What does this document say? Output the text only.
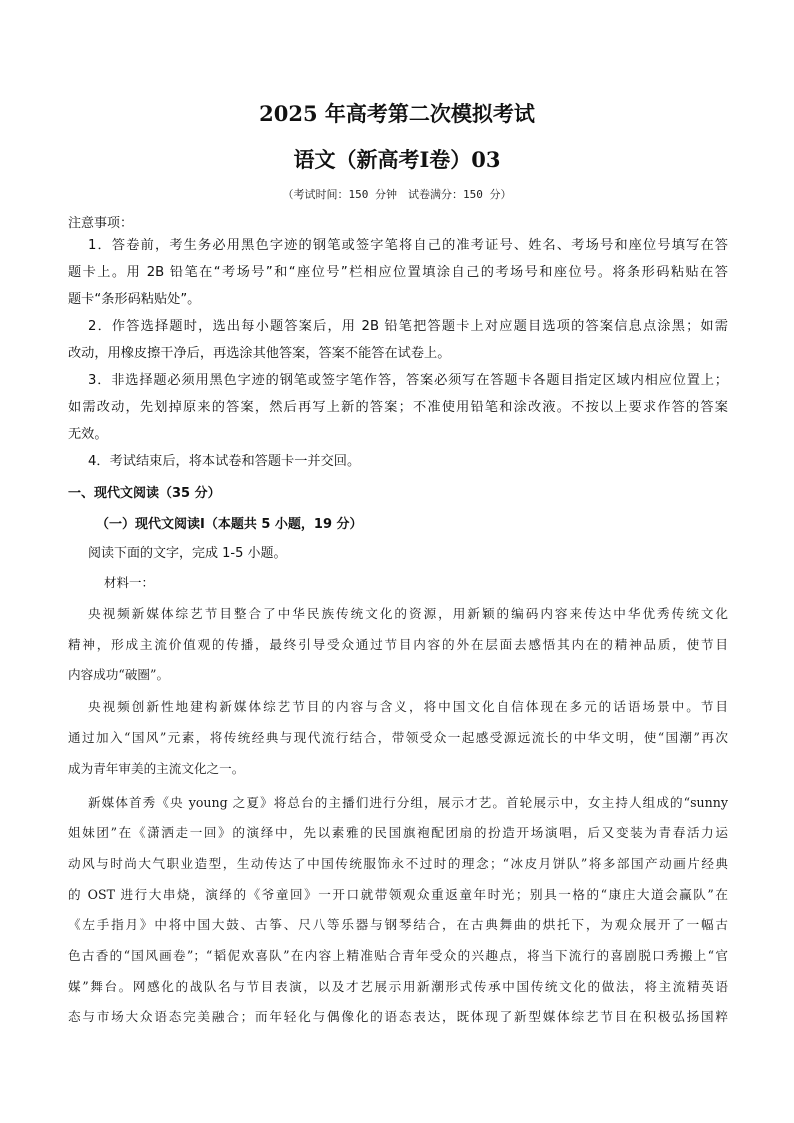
2025 年高考第二次模拟考试
语文（新高考Ⅰ卷）03
（考试时间：150 分钟　试卷满分：150 分）
注意事项：
1．答卷前，考生务必用黑色字迹的钢笔或签字笔将自己的准考证号、姓名、考场号和座位号填写在答
题卡上。用 2B 铅笔在“考场号”和“座位号”栏相应位置填涂自己的考场号和座位号。将条形码粘贴在答
题卡“条形码粘贴处”。
2．作答选择题时，选出每小题答案后，用 2B 铅笔把答题卡上对应题目选项的答案信息点涂黑；如需
改动，用橡皮擦干净后，再选涂其他答案，答案不能答在试卷上。
3．非选择题必须用黑色字迹的钢笔或签字笔作答，答案必须写在答题卡各题目指定区域内相应位置上；
如需改动，先划掉原来的答案，然后再写上新的答案；不准使用铅笔和涂改液。不按以上要求作答的答案
无效。
4．考试结束后，将本试卷和答题卡一并交回。
一、现代文阅读（35 分）
（一）现代文阅读Ⅰ（本题共 5 小题，19 分）
阅读下面的文字，完成 1-5 小题。
材料一：
央视频新媒体综艺节目整合了中华民族传统文化的资源，用新颖的编码内容来传达中华优秀传统文化
精神，形成主流价值观的传播，最终引导受众通过节目内容的外在层面去感悟其内在的精神品质，使节目
内容成功“破圈”。
央视频创新性地建构新媒体综艺节目的内容与含义，将中国文化自信体现在多元的话语场景中。节目
通过加入“国风”元素，将传统经典与现代流行结合，带领受众一起感受源远流长的中华文明，使“国潮”再次
成为青年审美的主流文化之一。
新媒体首秀《央 young 之夏》将总台的主播们进行分组，展示才艺。首轮展示中，女主持人组成的“sunny
姐妹团”在《潇洒走一回》的演绎中，先以素雅的民国旗袍配团扇的扮造开场演唱，后又变装为青春活力运
动风与时尚大气职业造型，生动传达了中国传统服饰永不过时的理念；“冰皮月饼队”将多部国产动画片经典
的 OST 进行大串烧，演绎的《爷童回》一开口就带领观众重返童年时光；别具一格的“康庄大道会赢队”在
《左手指月》中将中国大鼓、古筝、尺八等乐器与钢琴结合，在古典舞曲的烘托下，为观众展开了一幅古
色古香的“国风画卷”；“韬伲欢喜队”在内容上精准贴合青年受众的兴趣点，将当下流行的喜剧脱口秀搬上“官
媒”舞台。网感化的战队名与节目表演，以及才艺展示用新潮形式传承中国传统文化的做法，将主流精英语
态与市场大众语态完美融合；而年轻化与偶像化的语态表达，既体现了新型媒体综艺节目在积极弘扬国粹
